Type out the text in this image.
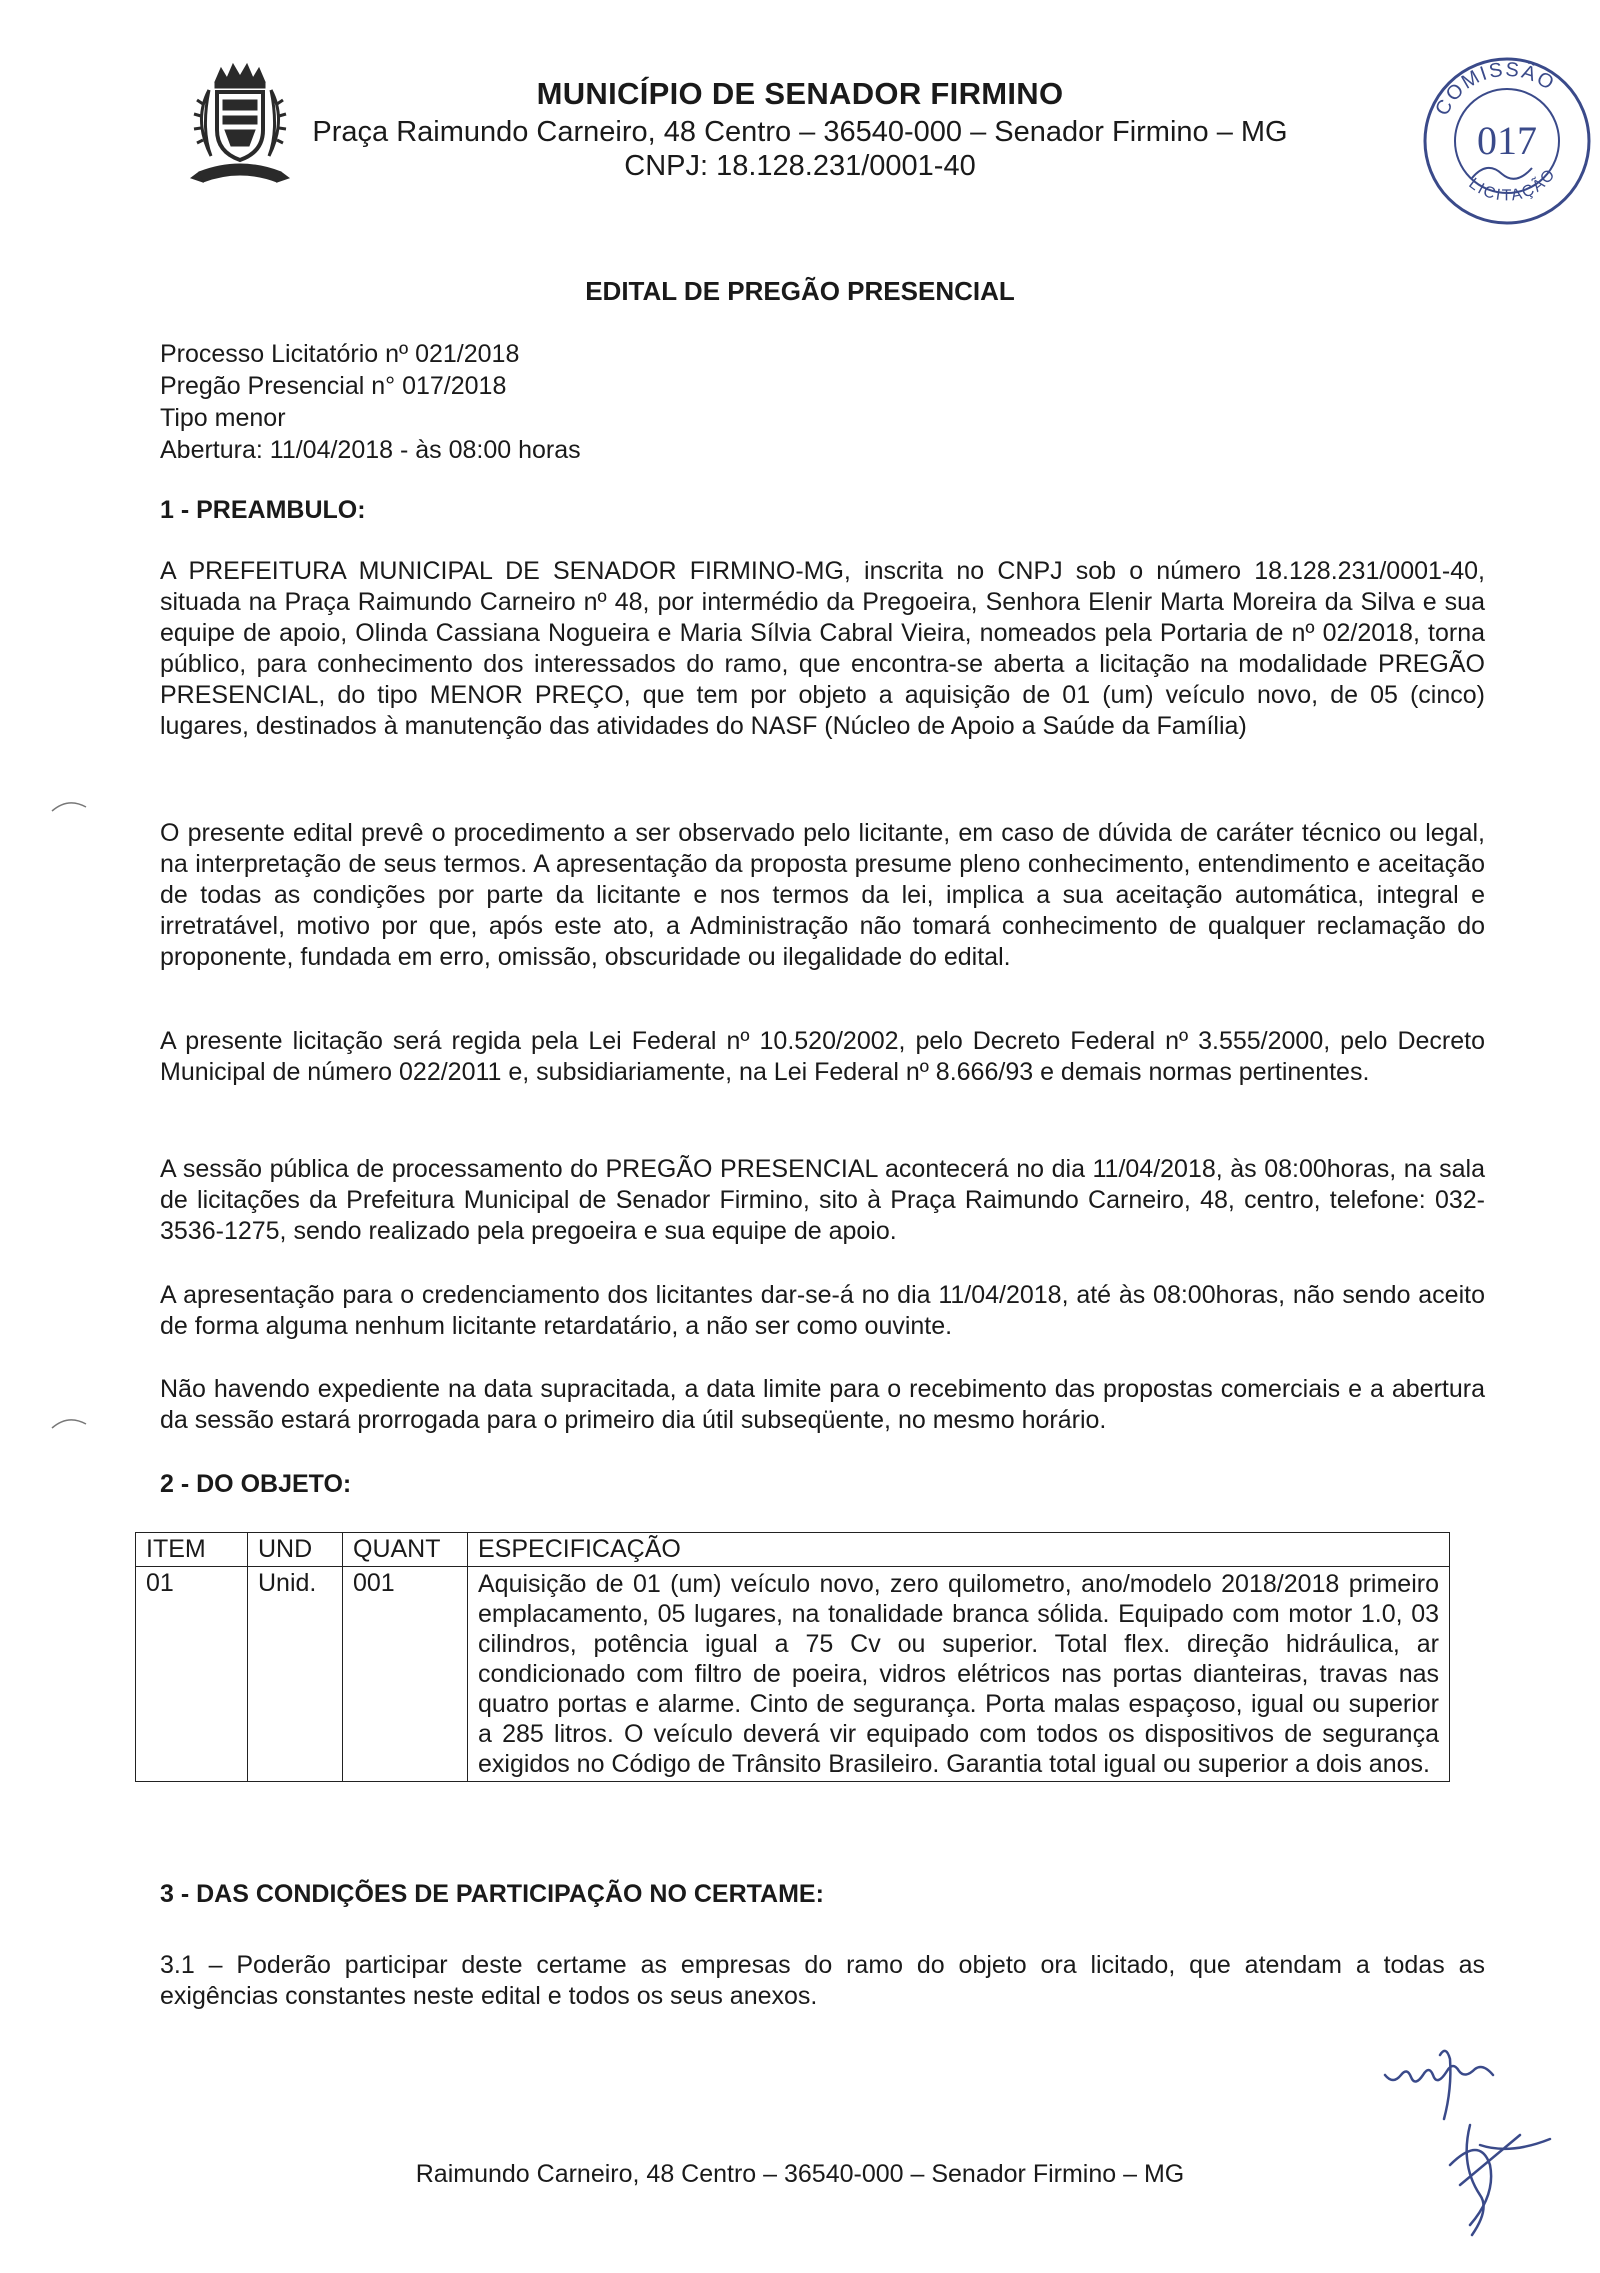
MUNICÍPIO DE SENADOR FIRMINO
Praça Raimundo Carneiro, 48 Centro – 36540-000 – Senador Firmino – MG
CNPJ: 18.128.231/0001-40
COMISSÃO
017
LICITAÇÃO
EDITAL DE PREGÃO PRESENCIAL
Processo Licitatório nº 021/2018
Pregão Presencial n° 017/2018
Tipo menor
Abertura: 11/04/2018 - às 08:00 horas
1 - PREAMBULO:
A PREFEITURA MUNICIPAL DE SENADOR FIRMINO-MG, inscrita no CNPJ sob o número 18.128.231/0001-40, situada na Praça Raimundo Carneiro nº 48, por intermédio da Pregoeira, Senhora Elenir Marta Moreira da Silva e sua equipe de apoio, Olinda Cassiana Nogueira e Maria Sílvia Cabral Vieira, nomeados pela Portaria de nº 02/2018, torna público, para conhecimento dos interessados do ramo, que encontra-se aberta a licitação na modalidade PREGÃO PRESENCIAL, do tipo MENOR PREÇO, que tem por objeto a aquisição de 01 (um) veículo novo, de 05 (cinco) lugares, destinados à manutenção das atividades do NASF (Núcleo de Apoio a Saúde da Família)
O presente edital prevê o procedimento a ser observado pelo licitante, em caso de dúvida de caráter técnico ou legal, na interpretação de seus termos. A apresentação da proposta presume pleno conhecimento, entendimento e aceitação de todas as condições por parte da licitante e nos termos da lei, implica a sua aceitação automática, integral e irretratável, motivo por que, após este ato, a Administração não tomará conhecimento de qualquer reclamação do proponente, fundada em erro, omissão, obscuridade ou ilegalidade do edital.
A presente licitação será regida pela Lei Federal nº 10.520/2002, pelo Decreto Federal nº 3.555/2000, pelo Decreto Municipal de número 022/2011 e, subsidiariamente, na Lei Federal nº 8.666/93 e demais normas pertinentes.
A sessão pública de processamento do PREGÃO PRESENCIAL acontecerá no dia 11/04/2018, às 08:00horas, na sala de licitações da Prefeitura Municipal de Senador Firmino, sito à Praça Raimundo Carneiro, 48, centro, telefone: 032-3536-1275, sendo realizado pela pregoeira e sua equipe de apoio.
A apresentação para o credenciamento dos licitantes dar-se-á no dia 11/04/2018, até às 08:00horas, não sendo aceito de forma alguma nenhum licitante retardatário, a não ser como ouvinte.
Não havendo expediente na data supracitada, a data limite para o recebimento das propostas comerciais e a abertura da sessão estará prorrogada para o primeiro dia útil subseqüente, no mesmo horário.
2 - DO OBJETO:
ITEM	UND	QUANT	ESPECIFICAÇÃO
01	Unid.	001	Aquisição de 01 (um) veículo novo, zero quilometro, ano/modelo 2018/2018 primeiro emplacamento, 05 lugares, na tonalidade branca sólida. Equipado com motor 1.0, 03 cilindros, potência igual a 75 Cv ou superior. Total flex. direção hidráulica, ar condicionado com filtro de poeira, vidros elétricos nas portas dianteiras, travas nas quatro portas e alarme. Cinto de segurança. Porta malas espaçoso, igual ou superior a 285 litros. O veículo deverá vir equipado com todos os dispositivos de segurança exigidos no Código de Trânsito Brasileiro. Garantia total igual ou superior a dois anos.
3 - DAS CONDIÇÕES DE PARTICIPAÇÃO NO CERTAME:
3.1 – Poderão participar deste certame as empresas do ramo do objeto ora licitado, que atendam a todas as exigências constantes neste edital e todos os seus anexos.
Raimundo Carneiro, 48 Centro – 36540-000 – Senador Firmino – MG
